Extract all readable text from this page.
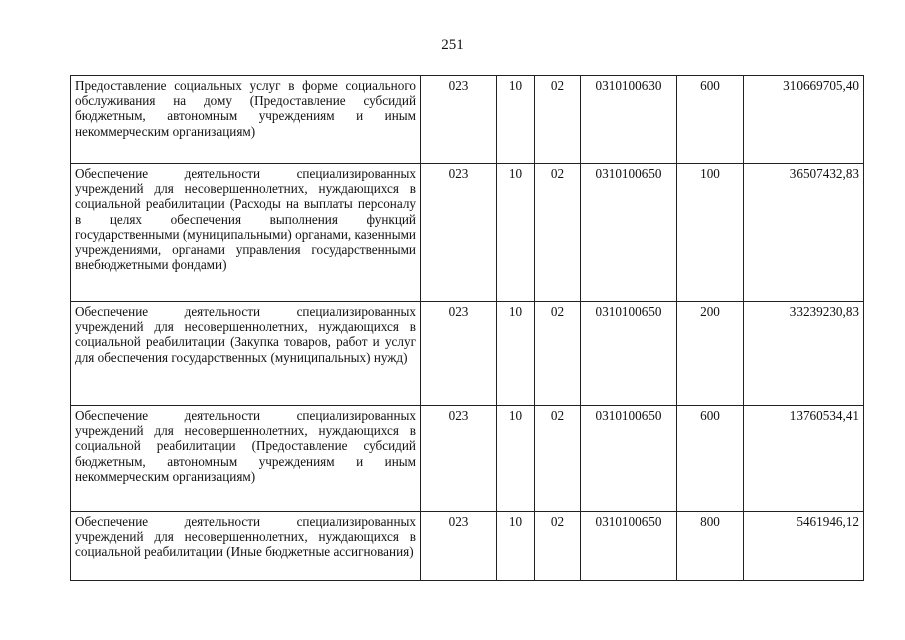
251
Предоставление социальных услуг в форме социального обслуживания на дому (Предоставление субсидий бюджетным, автономным учреждениям и иным некоммерческим организациям)	023	10	02	0310100630	600	310669705,40
Обеспечение деятельности специализированных учреждений для несовершеннолетних, нуждающихся в социальной реабилитации (Расходы на выплаты персоналу в целях обеспечения выполнения функций государственными (муниципальными) органами, казенными учреждениями, органами управления государственными внебюджетными фондами)	023	10	02	0310100650	100	36507432,83
Обеспечение деятельности специализированных учреждений для несовершеннолетних, нуждающихся в социальной реабилитации (Закупка товаров, работ и услуг для обеспечения государственных (муниципальных) нужд)	023	10	02	0310100650	200	33239230,83
Обеспечение деятельности специализированных учреждений для несовершеннолетних, нуждающихся в социальной реабилитации (Предоставление субсидий бюджетным, автономным учреждениям и иным некоммерческим организациям)	023	10	02	0310100650	600	13760534,41
Обеспечение деятельности специализированных учреждений для несовершеннолетних, нуждающихся в социальной реабилитации (Иные бюджетные ассигнования)	023	10	02	0310100650	800	5461946,12
